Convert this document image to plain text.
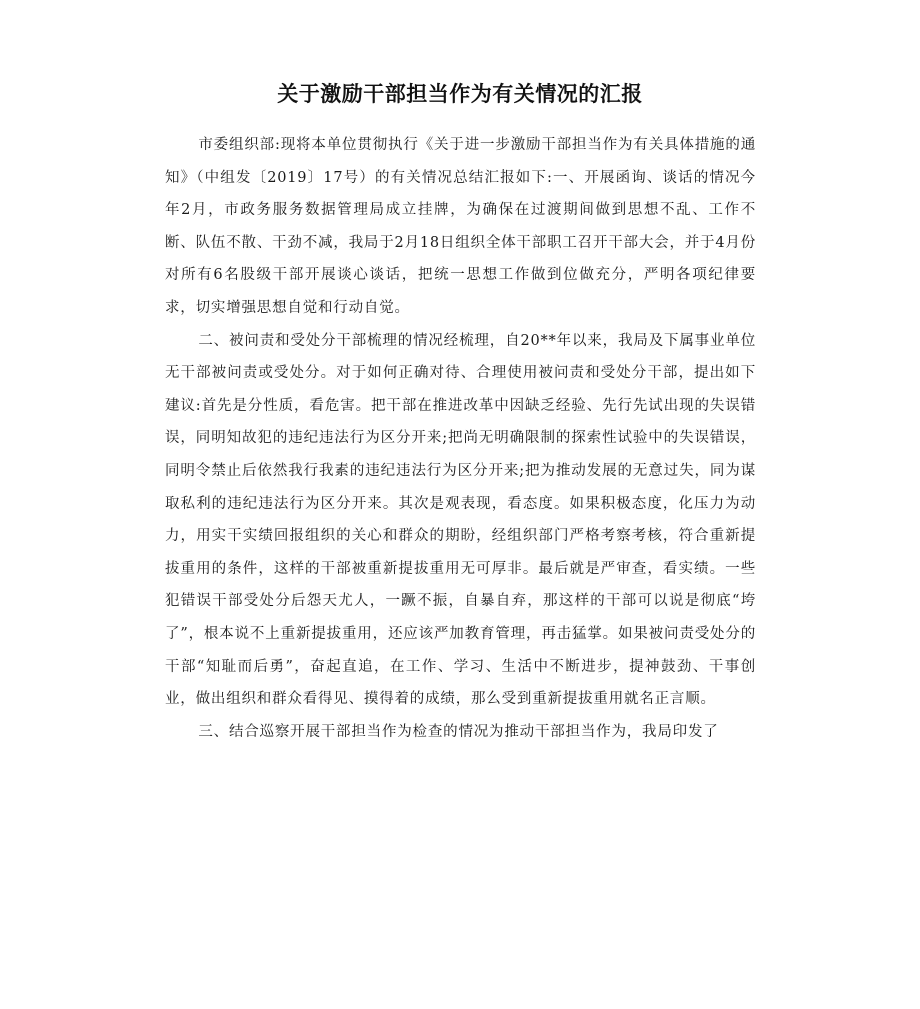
关于激励干部担当作为有关情况的汇报

市委组织部:现将本单位贯彻执行《关于进一步激励干部担当作为有关具体措施的通知》（中组发〔2019〕17号）的有关情况总结汇报如下:一、开展函询、谈话的情况今年2月，市政务服务数据管理局成立挂牌，为确保在过渡期间做到思想不乱、工作不断、队伍不散、干劲不减，我局于2月18日组织全体干部职工召开干部大会，并于4月份对所有6名股级干部开展谈心谈话，把统一思想工作做到位做充分，严明各项纪律要求，切实增强思想自觉和行动自觉。

二、被问责和受处分干部梳理的情况经梳理，自20**年以来，我局及下属事业单位无干部被问责或受处分。对于如何正确对待、合理使用被问责和受处分干部，提出如下建议:首先是分性质，看危害。把干部在推进改革中因缺乏经验、先行先试出现的失误错误，同明知故犯的违纪违法行为区分开来;把尚无明确限制的探索性试验中的失误错误，同明令禁止后依然我行我素的违纪违法行为区分开来;把为推动发展的无意过失，同为谋取私利的违纪违法行为区分开来。其次是观表现，看态度。如果积极态度，化压力为动力，用实干实绩回报组织的关心和群众的期盼，经组织部门严格考察考核，符合重新提拔重用的条件，这样的干部被重新提拔重用无可厚非。最后就是严审查，看实绩。一些犯错误干部受处分后怨天尤人，一蹶不振，自暴自弃，那这样的干部可以说是彻底“垮了”，根本说不上重新提拔重用，还应该严加教育管理，再击猛掌。如果被问责受处分的干部“知耻而后勇”，奋起直追，在工作、学习、生活中不断进步，提神鼓劲、干事创业，做出组织和群众看得见、摸得着的成绩，那么受到重新提拔重用就名正言顺。

三、结合巡察开展干部担当作为检查的情况为推动干部担当作为，我局印发了
